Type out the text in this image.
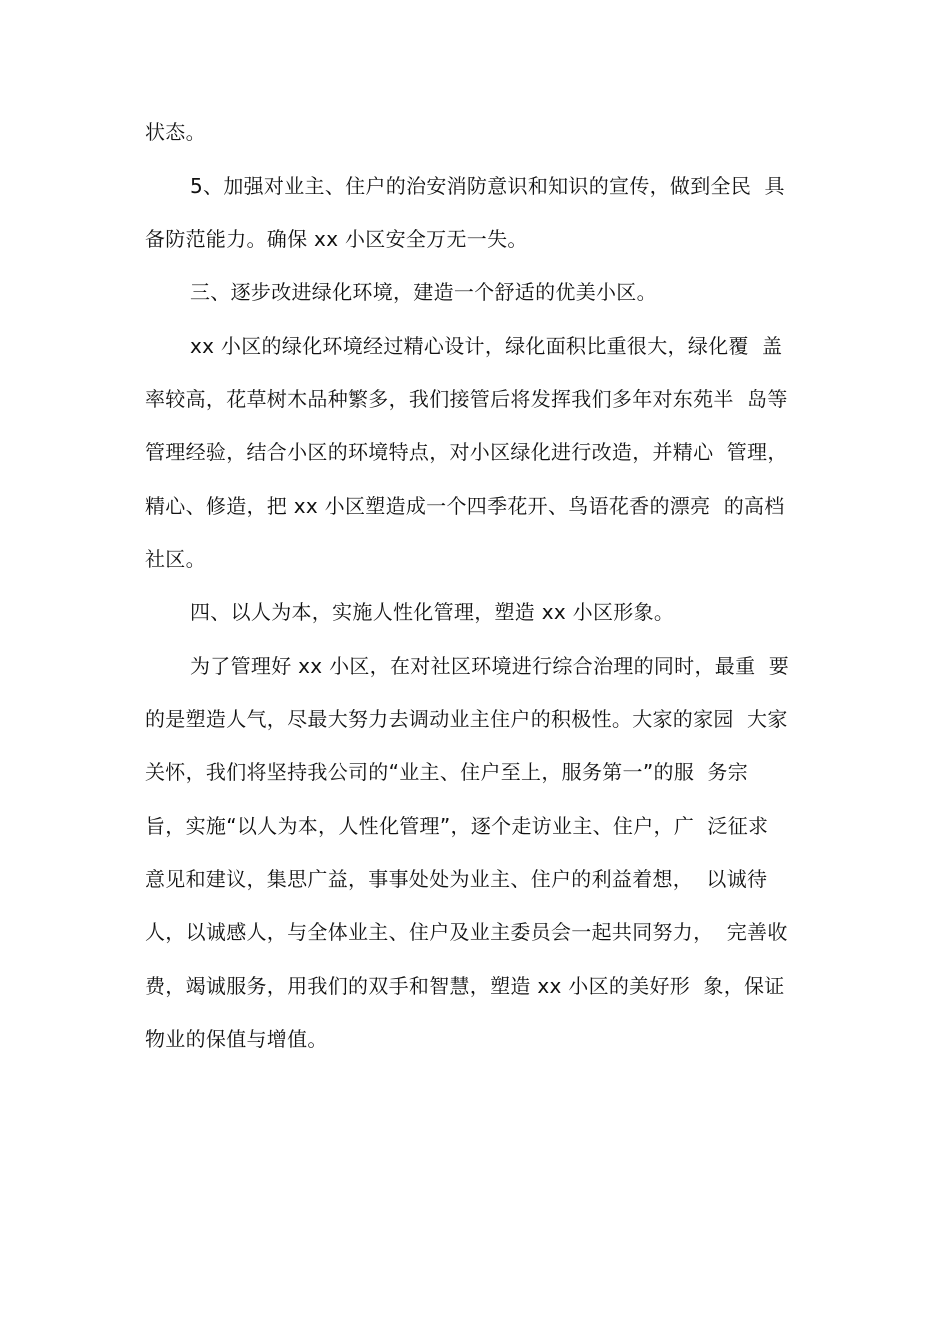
状态。
5、加强对业主、住户的治安消防意识和知识的宣传，做到全民  具
备防范能力。确保 xx 小区安全万无一失。
三、逐步改进绿化环境，建造一个舒适的优美小区。
xx 小区的绿化环境经过精心设计，绿化面积比重很大，绿化覆  盖
率较高，花草树木品种繁多，我们接管后将发挥我们多年对东苑半  岛等
管理经验，结合小区的环境特点，对小区绿化进行改造，并精心  管理，
精心、修造，把 xx 小区塑造成一个四季花开、鸟语花香的漂亮  的高档
社区。
四、以人为本，实施人性化管理，塑造 xx 小区形象。
为了管理好 xx 小区，在对社区环境进行综合治理的同时，最重  要
的是塑造人气，尽最大努力去调动业主住户的积极性。大家的家园  大家
关怀，我们将坚持我公司的“业主、住户至上，服务第一”的服  务宗
旨，实施“以人为本，人性化管理”，逐个走访业主、住户，广  泛征求
意见和建议，集思广益，事事处处为业主、住户的利益着想，  以诚待
人，以诚感人，与全体业主、住户及业主委员会一起共同努力，  完善收
费，竭诚服务，用我们的双手和智慧，塑造 xx 小区的美好形  象，保证
物业的保值与增值。
